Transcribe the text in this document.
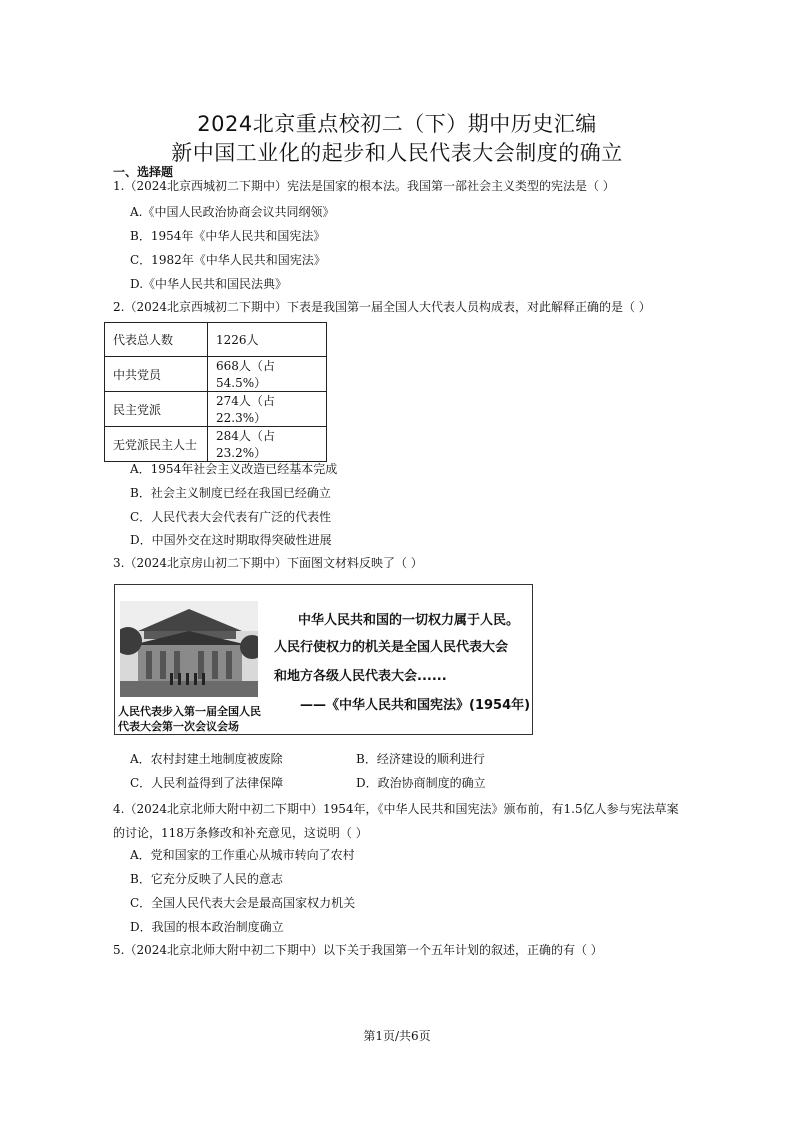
2024北京重点校初二（下）期中历史汇编
新中国工业化的起步和人民代表大会制度的确立
一、选择题
1.（2024北京西城初二下期中）宪法是国家的根本法。我国第一部社会主义类型的宪法是（ ）
A.《中国人民政治协商会议共同纲领》
B．1954年《中华人民共和国宪法》
C．1982年《中华人民共和国宪法》
D.《中华人民共和国民法典》
2.（2024北京西城初二下期中）下表是我国第一届全国人大代表人员构成表，对此解释正确的是（ ）
代表总人数	1226人
中共党员	668人（占54.5%）
民主党派	274人（占22.3%）
无党派民主人士	284人（占23.2%）
A．1954年社会主义改造已经基本完成
B．社会主义制度已经在我国已经确立
C．人民代表大会代表有广泛的代表性
D．中国外交在这时期取得突破性进展
3.（2024北京房山初二下期中）下面图文材料反映了（ ）
人民代表步入第一届全国人民代表大会第一次会议会场
中华人民共和国的一切权力属于人民。
人民行使权力的机关是全国人民代表大会
和地方各级人民代表大会......
——《中华人民共和国宪法》(1954年)
A．农村封建土地制度被废除	B．经济建设的顺利进行
C．人民利益得到了法律保障	D．政治协商制度的确立
4.（2024北京北师大附中初二下期中）1954年，《中华人民共和国宪法》颁布前，有1.5亿人参与宪法草案的讨论，118万条修改和补充意见，这说明（ ）
A．党和国家的工作重心从城市转向了农村
B．它充分反映了人民的意志
C．全国人民代表大会是最高国家权力机关
D．我国的根本政治制度确立
5.（2024北京北师大附中初二下期中）以下关于我国第一个五年计划的叙述，正确的有（ ）
第1页/共6页
